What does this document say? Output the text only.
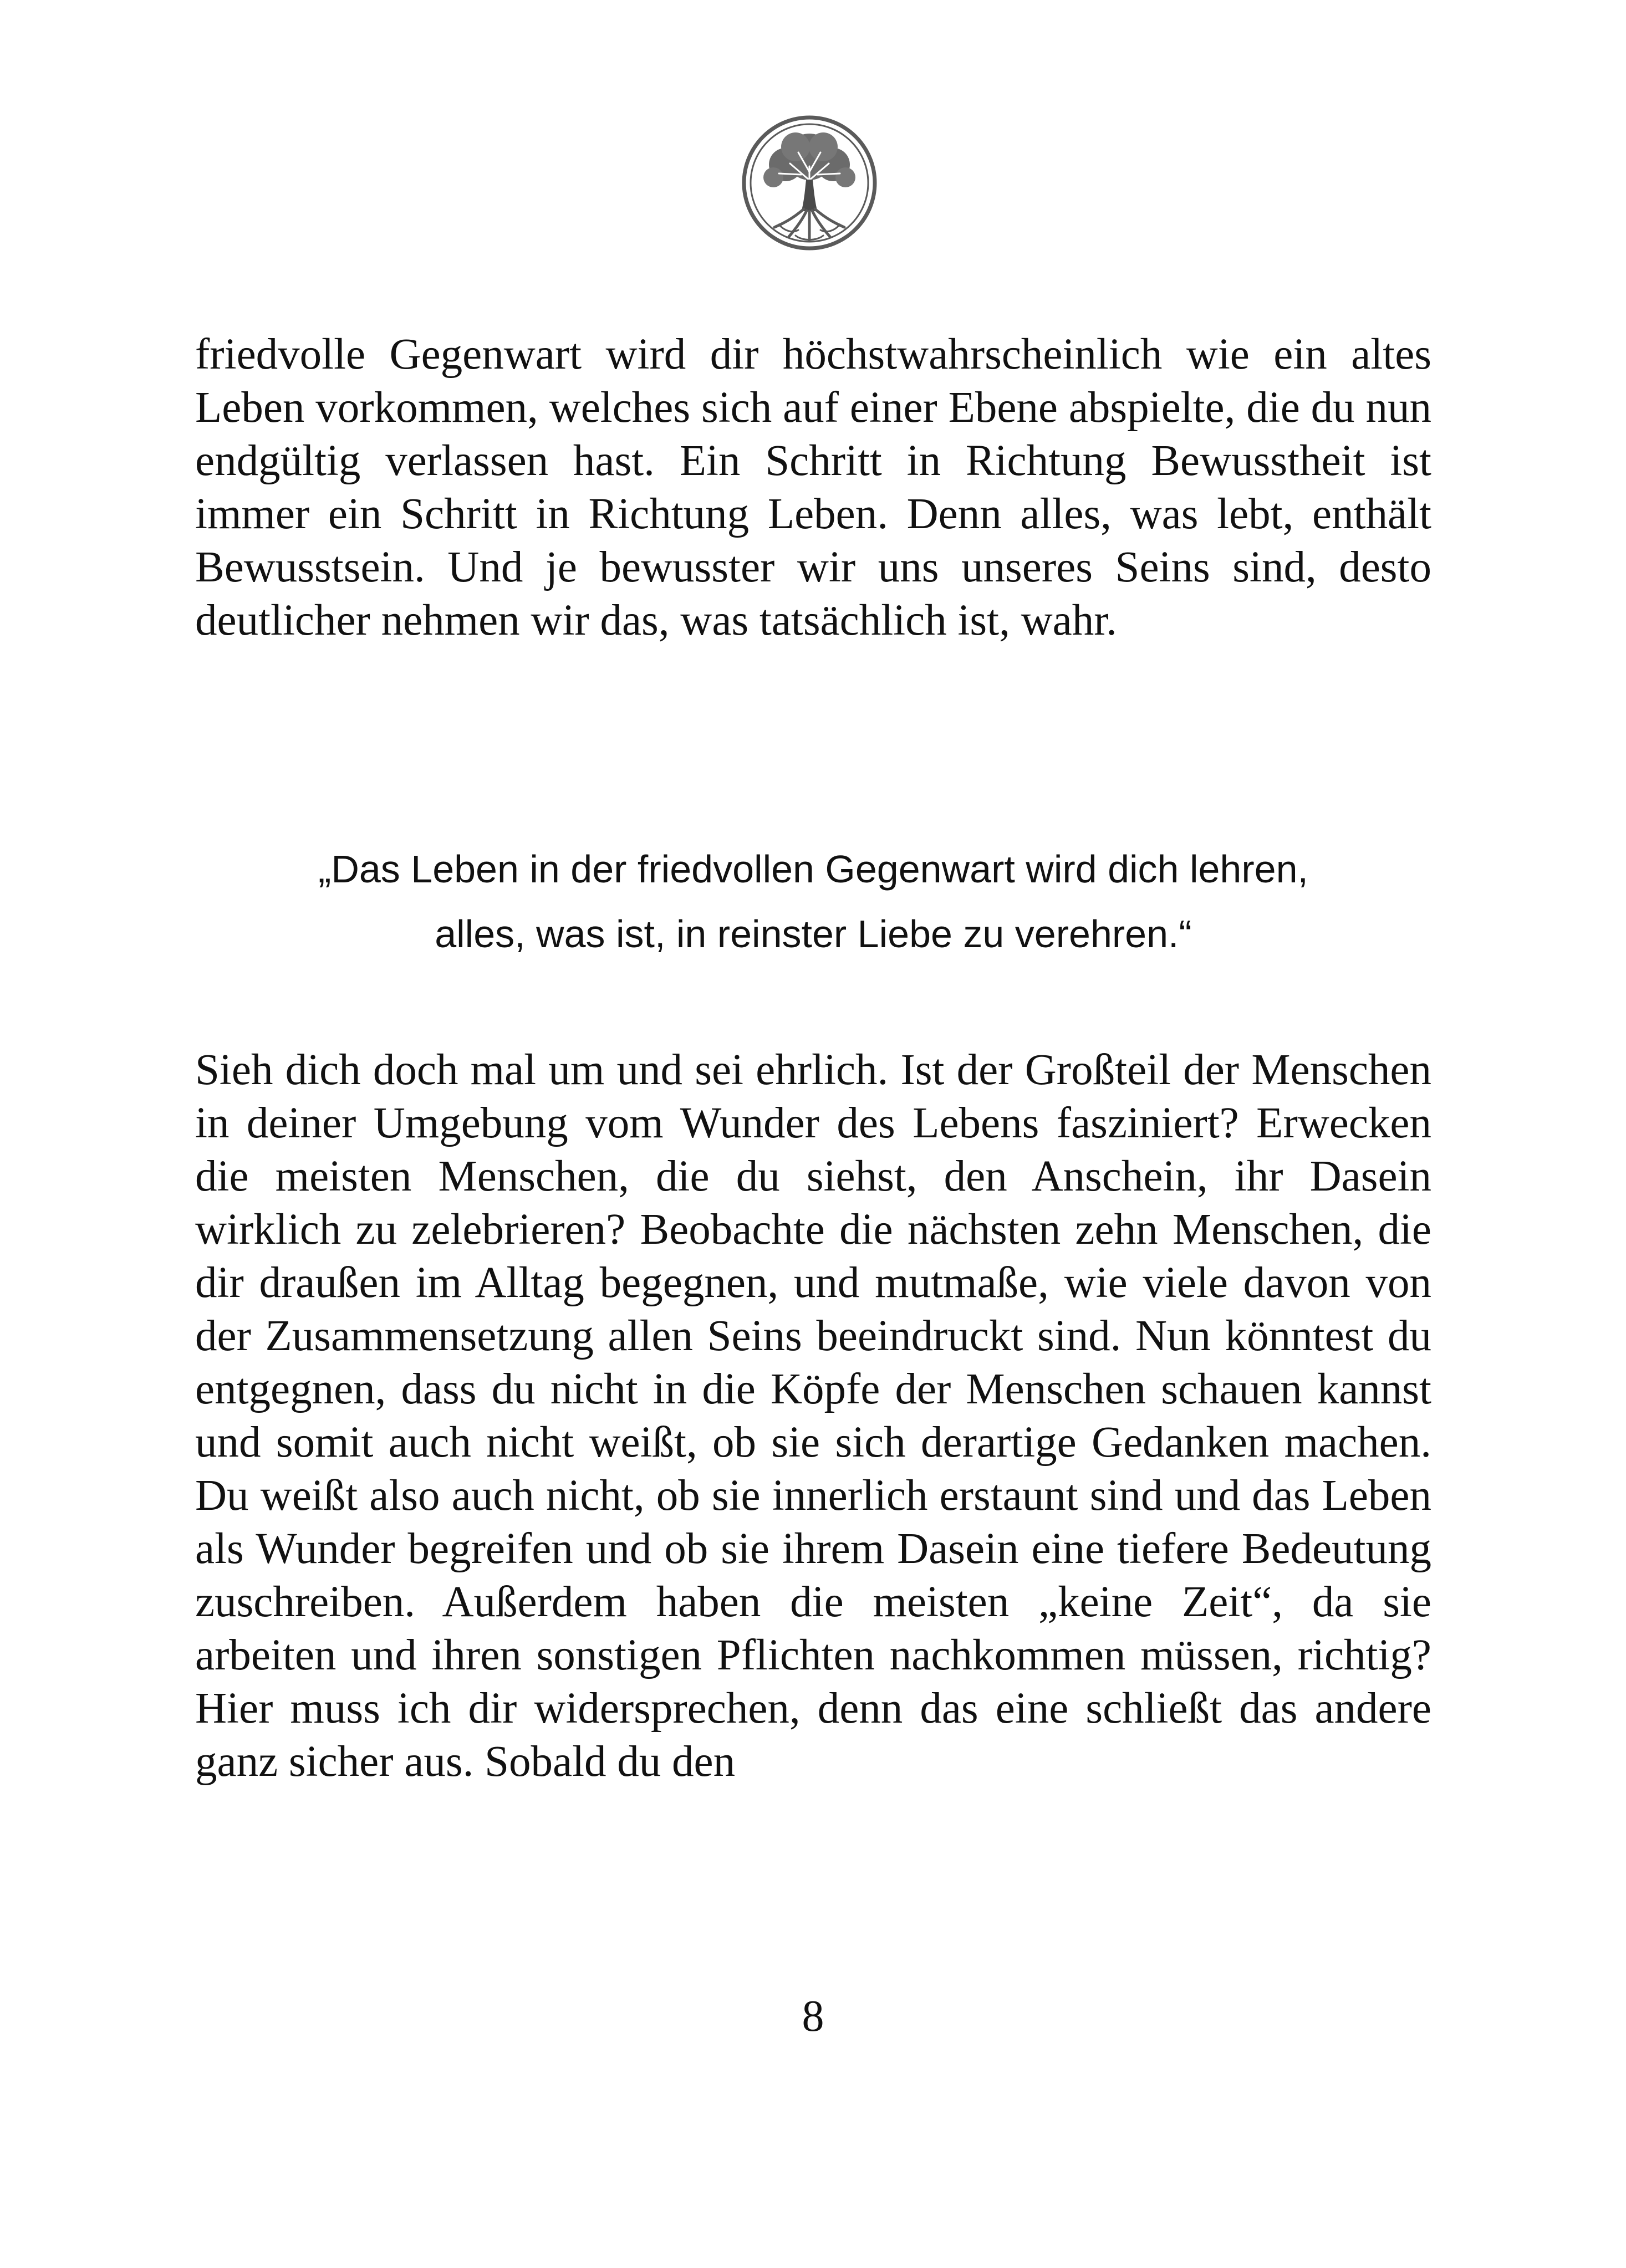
friedvolle Gegenwart wird dir höchstwahrscheinlich wie ein altes Leben vorkommen, welches sich auf einer Ebene abspielte, die du nun endgültig verlassen hast. Ein Schritt in Richtung Bewusstheit ist immer ein Schritt in Richtung Leben. Denn alles, was lebt, enthält Bewusstsein. Und je bewusster wir uns unseres Seins sind, desto deutlicher nehmen wir das, was tatsächlich ist, wahr.

„Das Leben in der friedvollen Gegenwart wird dich lehren,
alles, was ist, in reinster Liebe zu verehren.“

Sieh dich doch mal um und sei ehrlich. Ist der Großteil der Menschen in deiner Umgebung vom Wunder des Lebens fasziniert? Erwecken die meisten Menschen, die du siehst, den Anschein, ihr Dasein wirklich zu zelebrieren? Beobachte die nächsten zehn Menschen, die dir draußen im Alltag begegnen, und mutmaße, wie viele davon von der Zusammensetzung allen Seins beeindruckt sind. Nun könntest du entgegnen, dass du nicht in die Köpfe der Menschen schauen kannst und somit auch nicht weißt, ob sie sich derartige Gedanken machen. Du weißt also auch nicht, ob sie innerlich erstaunt sind und das Leben als Wunder begreifen und ob sie ihrem Dasein eine tiefere Bedeutung zuschreiben. Außerdem haben die meisten „keine Zeit“, da sie arbeiten und ihren sonstigen Pflichten nachkommen müssen, richtig? Hier muss ich dir widersprechen, denn das eine schließt das andere ganz sicher aus. Sobald du den

8
